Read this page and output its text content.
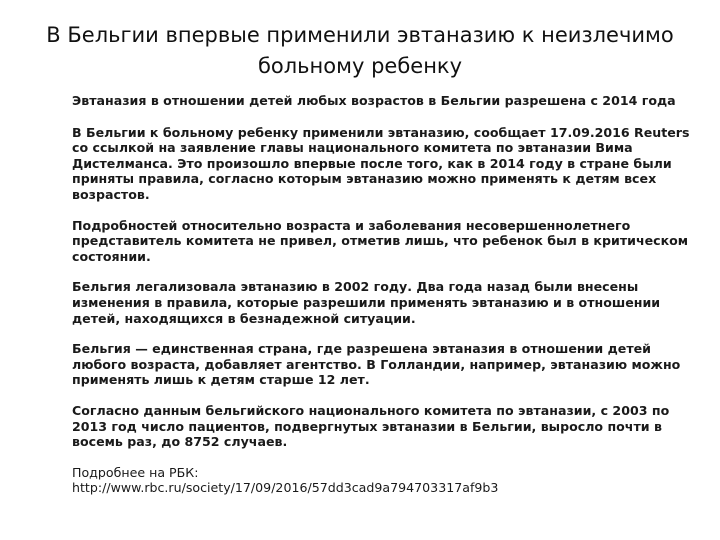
В Бельгии впервые применили эвтаназию к неизлечимо больному ребенку

Эвтаназия в отношении детей любых возрастов в Бельгии разрешена с 2014 года

В Бельгии к больному ребенку применили эвтаназию, сообщает 17.09.2016 Reuters со ссылкой на заявление главы национального комитета по эвтаназии Вима Дистелманса. Это произошло впервые после того, как в 2014 году в стране были приняты правила, согласно которым эвтаназию можно применять к детям всех возрастов.

Подробностей относительно возраста и заболевания несовершеннолетнего представитель комитета не привел, отметив лишь, что ребенок был в критическом состоянии.

Бельгия легализовала эвтаназию в 2002 году. Два года назад были внесены изменения в правила, которые разрешили применять эвтаназию и в отношении детей, находящихся в безнадежной ситуации.

Бельгия — единственная страна, где разрешена эвтаназия в отношении детей любого возраста, добавляет агентство. В Голландии, например, эвтаназию можно применять лишь к детям старше 12 лет.

Согласно данным бельгийского национального комитета по эвтаназии, с 2003 по 2013 год число пациентов, подвергнутых эвтаназии в Бельгии, выросло почти в восемь раз, до 8752 случаев.

Подробнее на РБК:
http://www.rbc.ru/society/17/09/2016/57dd3cad9a794703317af9b3
